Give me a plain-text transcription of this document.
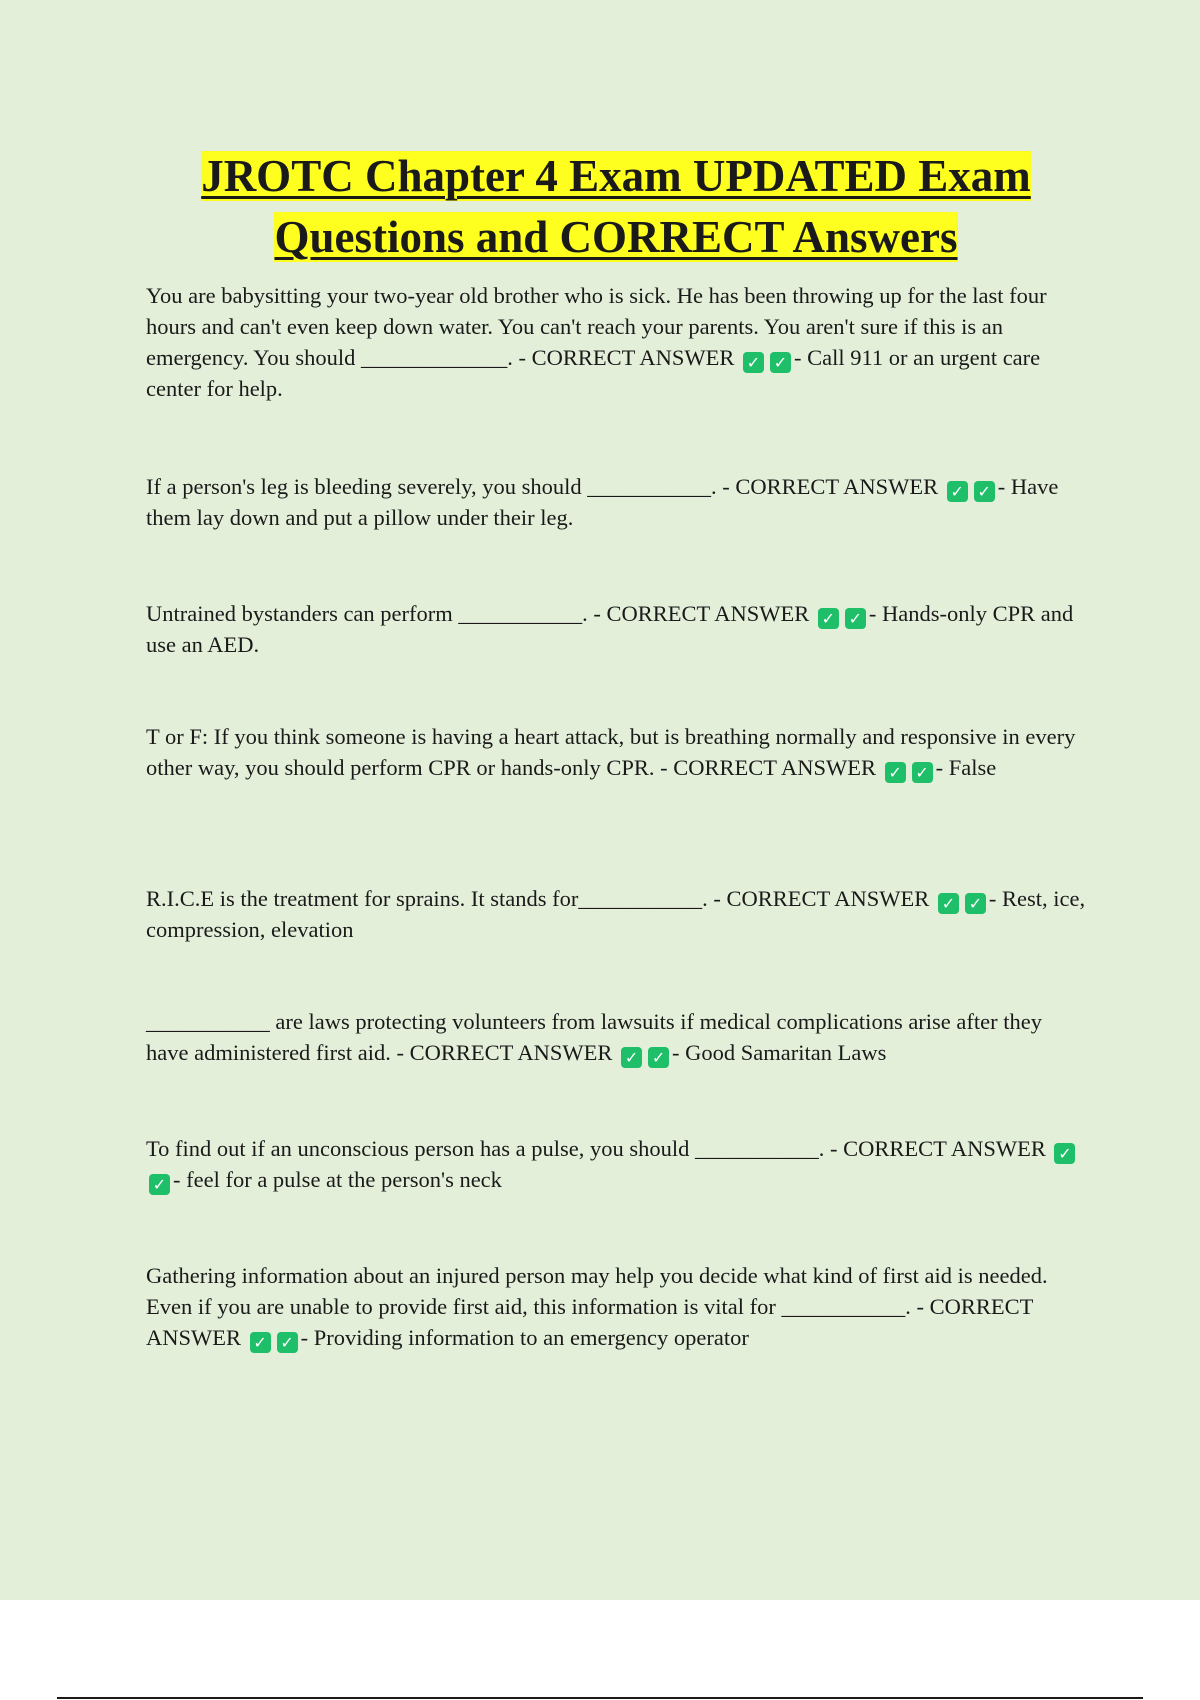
JROTC Chapter 4 Exam UPDATED Exam
Questions and CORRECT Answers

You are babysitting your two-year old brother who is sick. He has been throwing up for the last four hours and can't even keep down water. You can't reach your parents. You aren't sure if this is an emergency. You should _____________. - CORRECT ANSWER ✓ ✓ - Call 911 or an urgent care center for help.

If a person's leg is bleeding severely, you should ___________. - CORRECT ANSWER ✓ ✓ - Have them lay down and put a pillow under their leg.

Untrained bystanders can perform ___________. - CORRECT ANSWER ✓ ✓ - Hands-only CPR and use an AED.

T or F: If you think someone is having a heart attack, but is breathing normally and responsive in every other way, you should perform CPR or hands-only CPR. - CORRECT ANSWER ✓ ✓ - False

R.I.C.E is the treatment for sprains. It stands for___________. - CORRECT ANSWER ✓ ✓ - Rest, ice, compression, elevation

___________ are laws protecting volunteers from lawsuits if medical complications arise after they have administered first aid. - CORRECT ANSWER ✓ ✓ - Good Samaritan Laws

To find out if an unconscious person has a pulse, you should ___________. - CORRECT ANSWER ✓✓ - feel for a pulse at the person's neck

Gathering information about an injured person may help you decide what kind of first aid is needed. Even if you are unable to provide first aid, this information is vital for ___________. - CORRECT ANSWER ✓ ✓ - Providing information to an emergency operator
